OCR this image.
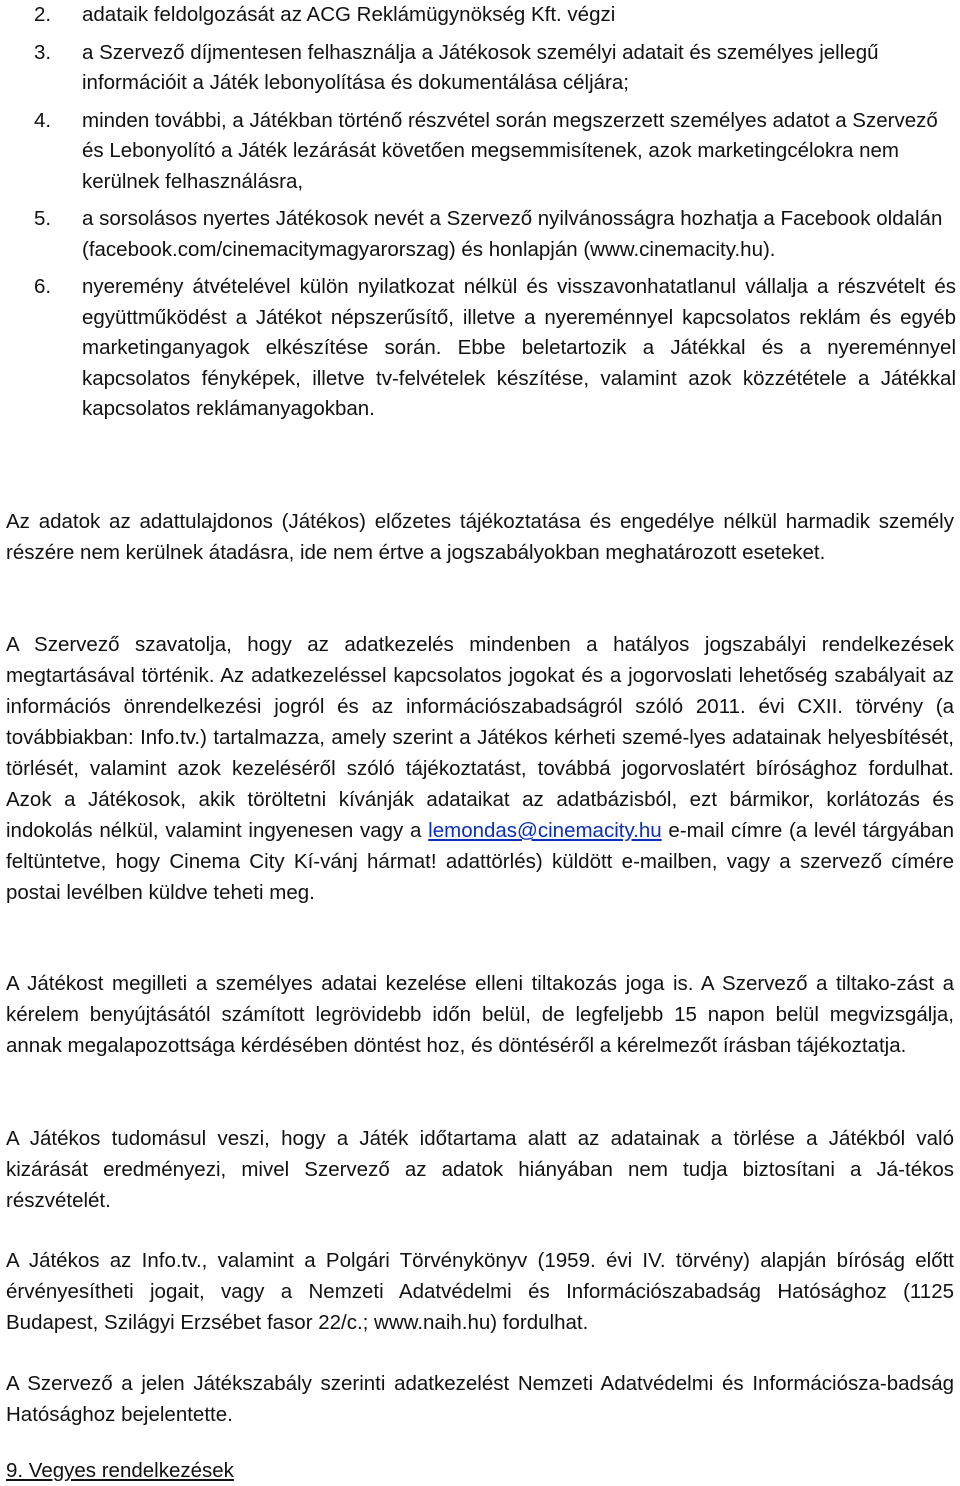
2. adataik feldolgozását az ACG Reklámügynökség Kft. végzi
3. a Szervező díjmentesen felhasználja a Játékosok személyi adatait és személyes jellegű információit a Játék lebonyolítása és dokumentálása céljára;
4. minden további, a Játékban történő részvétel során megszerzett személyes adatot a Szervező és Lebonyolító a Játék lezárását követően megsemmisítenek, azok marketingcélokra nem kerülnek felhasználásra,
5. a sorsolásos nyertes Játékosok nevét a Szervező nyilvánosságra hozhatja a Facebook oldalán (facebook.com/cinemacitymagyarorszag) és honlapján (www.cinemacity.hu).
6. nyeremény átvételével külön nyilatkozat nélkül és visszavonhatatlanul vállalja a részvételt és együttműködést a Játékot népszerűsítő, illetve a nyereménnyel kapcsolatos reklám és egyéb marketinganyagok elkészítése során. Ebbe beletartozik a Játékkal és a nyereménnyel kapcsolatos fényképek, illetve tv-felvételek készítése, valamint azok közzététele a Játékkal kapcsolatos reklámanyagokban.

Az adatok az adattulajdonos (Játékos) előzetes tájékoztatása és engedélye nélkül harmadik személy részére nem kerülnek átadásra, ide nem értve a jogszabályokban meghatározott eseteket.

A Szervező szavatolja, hogy az adatkezelés mindenben a hatályos jogszabályi rendelkezések megtartásával történik. Az adatkezeléssel kapcsolatos jogokat és a jogorvoslati lehetőség szabályait az információs önrendelkezési jogról és az információszabadságról szóló 2011. évi CXII. törvény (a továbbiakban: Info.tv.) tartalmazza, amely szerint a Játékos kérheti szemé-lyes adatainak helyesbítését, törlését, valamint azok kezeléséről szóló tájékoztatást, továbbá jogorvoslatért bírósághoz fordulhat. Azok a Játékosok, akik töröltetni kívánják adataikat az adatbázisból, ezt bármikor, korlátozás és indokolás nélkül, valamint ingyenesen vagy a lemondas@cinemacity.hu e-mail címre (a levél tárgyában feltüntetve, hogy Cinema City Kí-vánj hármat! adattörlés) küldött e-mailben, vagy a szervező címére postai levélben küldve teheti meg.

A Játékost megilleti a személyes adatai kezelése elleni tiltakozás joga is. A Szervező a tiltako-zást a kérelem benyújtásától számított legrövidebb időn belül, de legfeljebb 15 napon belül megvizsgálja, annak megalapozottsága kérdésében döntést hoz, és döntéséről a kérelmezőt írásban tájékoztatja.

A Játékos tudomásul veszi, hogy a Játék időtartama alatt az adatainak a törlése a Játékból való kizárását eredményezi, mivel Szervező az adatok hiányában nem tudja biztosítani a Já-tékos részvételét.

A Játékos az Info.tv., valamint a Polgári Törvénykönyv (1959. évi IV. törvény) alapján bíróság előtt érvényesítheti jogait, vagy a Nemzeti Adatvédelmi és Információszabadság Hatósághoz (1125 Budapest, Szilágyi Erzsébet fasor 22/c.; www.naih.hu) fordulhat.

A Szervező a jelen Játékszabály szerinti adatkezelést Nemzeti Adatvédelmi és Információsza-badság Hatósághoz bejelentette.

9. Vegyes rendelkezések
